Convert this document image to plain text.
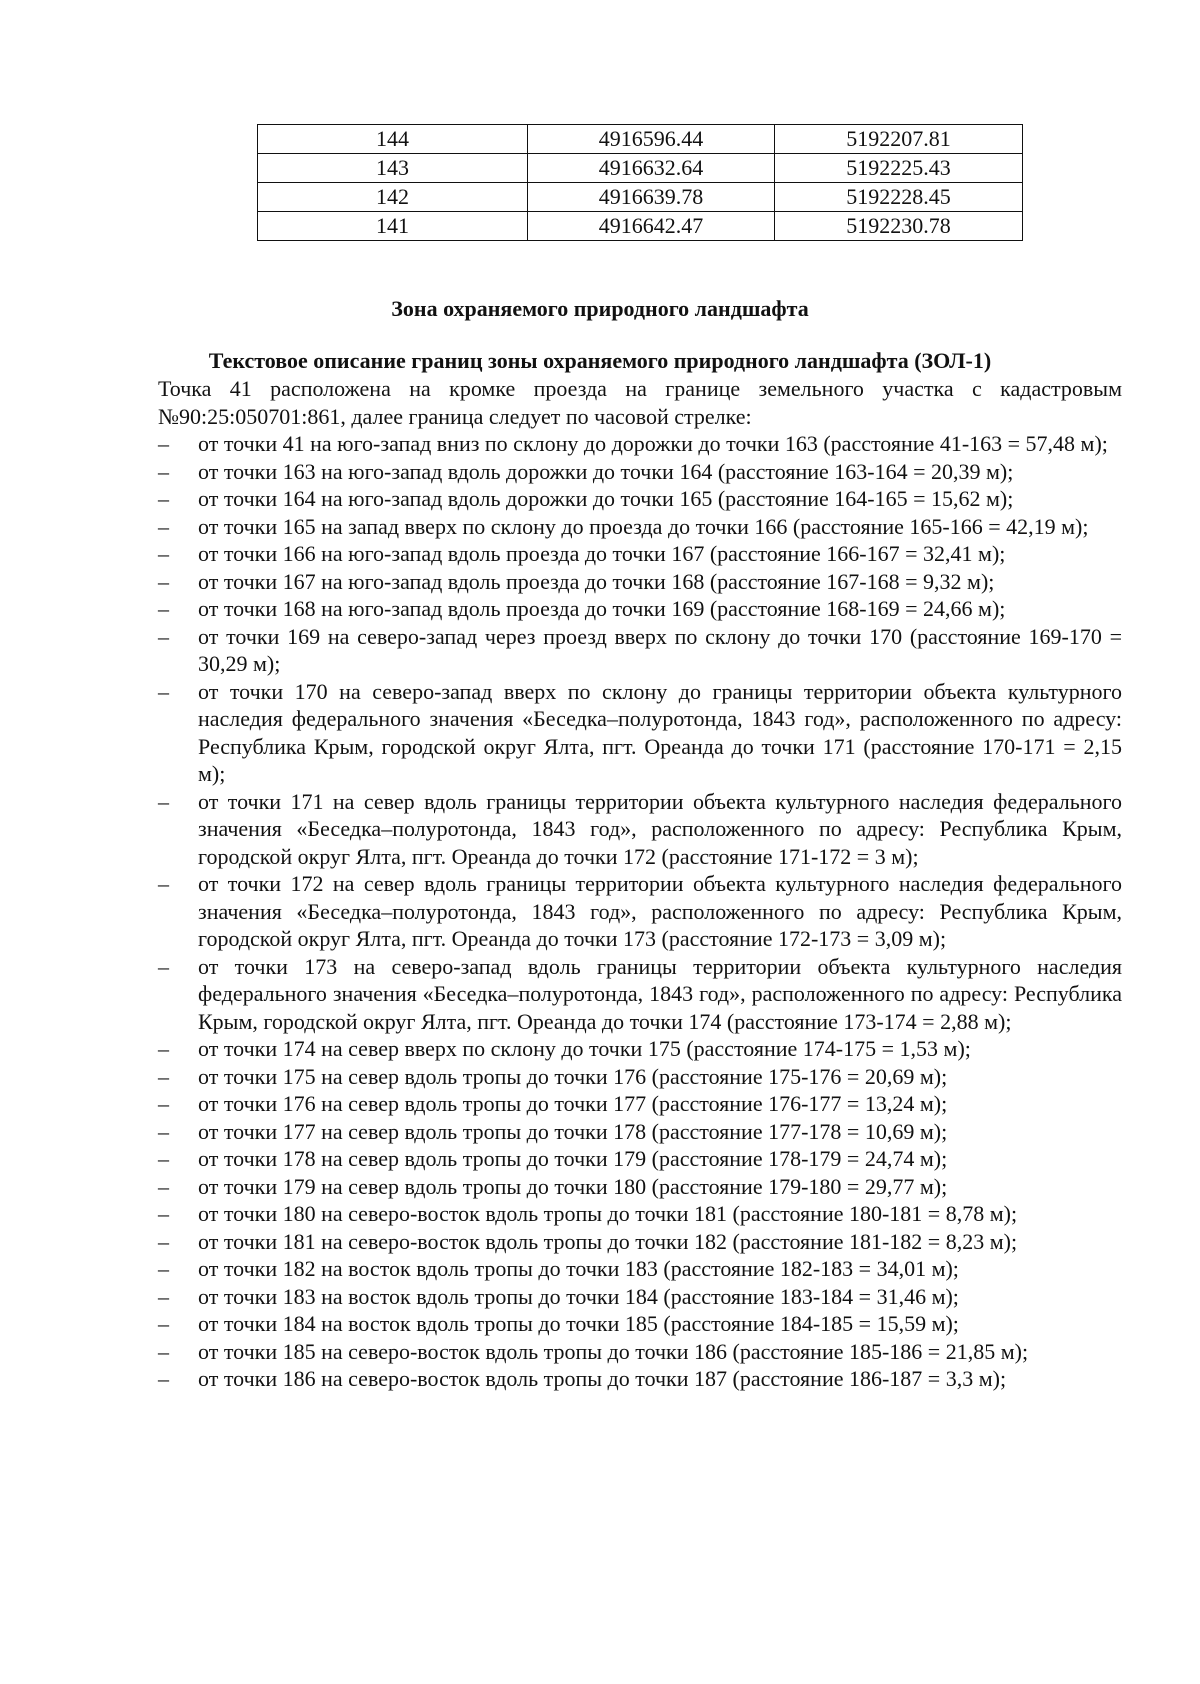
144	4916596.44	5192207.81
143	4916632.64	5192225.43
142	4916639.78	5192228.45
141	4916642.47	5192230.78
Зона охраняемого природного ландшафта
Текстовое описание границ зоны охраняемого природного ландшафта (ЗОЛ-1)
Точка 41 расположена на кромке проезда на границе земельного участка с кадастровым №90:25:050701:861, далее граница следует по часовой стрелке:
–	от точки 41 на юго-запад вниз по склону до дорожки до точки 163 (расстояние 41-163 = 57,48 м);
–	от точки 163 на юго-запад вдоль дорожки до точки 164 (расстояние 163-164 = 20,39 м);
–	от точки 164 на юго-запад вдоль дорожки до точки 165 (расстояние 164-165 = 15,62 м);
–	от точки 165 на запад вверх по склону до проезда до точки 166 (расстояние 165-166 = 42,19 м);
–	от точки 166 на юго-запад вдоль проезда до точки 167 (расстояние 166-167 = 32,41 м);
–	от точки 167 на юго-запад вдоль проезда до точки 168 (расстояние 167-168 = 9,32 м);
–	от точки 168 на юго-запад вдоль проезда до точки 169 (расстояние 168-169 = 24,66 м);
–	от точки 169 на северо-запад через проезд вверх по склону до точки 170 (расстояние 169-170 = 30,29 м);
–	от точки 170 на северо-запад вверх по склону до границы территории объекта культурного наследия федерального значения «Беседка–полуротонда, 1843 год», расположенного по адресу: Республика Крым, городской округ Ялта, пгт. Ореанда до точки 171 (расстояние 170-171 = 2,15 м);
–	от точки 171 на север вдоль границы территории объекта культурного наследия федерального значения «Беседка–полуротонда, 1843 год», расположенного по адресу: Республика Крым, городской округ Ялта, пгт. Ореанда до точки 172 (расстояние 171-172 = 3 м);
–	от точки 172 на север вдоль границы территории объекта культурного наследия федерального значения «Беседка–полуротонда, 1843 год», расположенного по адресу: Республика Крым, городской округ Ялта, пгт. Ореанда до точки 173 (расстояние 172-173 = 3,09 м);
–	от точки 173 на северо-запад вдоль границы территории объекта культурного наследия федерального значения «Беседка–полуротонда, 1843 год», расположенного по адресу: Республика Крым, городской округ Ялта, пгт. Ореанда до точки 174 (расстояние 173-174 = 2,88 м);
–	от точки 174 на север вверх по склону до точки 175 (расстояние 174-175 = 1,53 м);
–	от точки 175 на север вдоль тропы до точки 176 (расстояние 175-176 = 20,69 м);
–	от точки 176 на север вдоль тропы до точки 177 (расстояние 176-177 = 13,24 м);
–	от точки 177 на север вдоль тропы до точки 178 (расстояние 177-178 = 10,69 м);
–	от точки 178 на север вдоль тропы до точки 179 (расстояние 178-179 = 24,74 м);
–	от точки 179 на север вдоль тропы до точки 180 (расстояние 179-180 = 29,77 м);
–	от точки 180 на северо-восток вдоль тропы до точки 181 (расстояние 180-181 = 8,78 м);
–	от точки 181 на северо-восток вдоль тропы до точки 182 (расстояние 181-182 = 8,23 м);
–	от точки 182 на восток вдоль тропы до точки 183 (расстояние 182-183 = 34,01 м);
–	от точки 183 на восток вдоль тропы до точки 184 (расстояние 183-184 = 31,46 м);
–	от точки 184 на восток вдоль тропы до точки 185 (расстояние 184-185 = 15,59 м);
–	от точки 185 на северо-восток вдоль тропы до точки 186 (расстояние 185-186 = 21,85 м);
–	от точки 186 на северо-восток вдоль тропы до точки 187 (расстояние 186-187 = 3,3 м);
